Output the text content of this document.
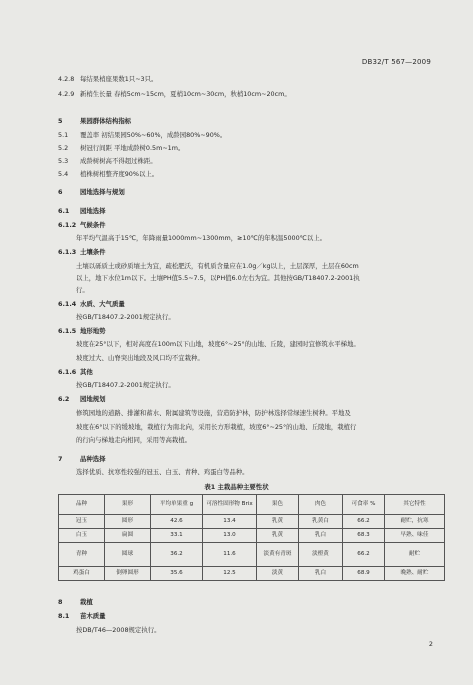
DB32/T 567—2009
4.2.8 每结果梢座果数1只~3只。
4.2.9 新梢生长量 春梢5cm~15cm，夏梢10cm~30cm，秋梢10cm~20cm。
5	果园群体结构指标
5.1 覆盖率 初结果园50%~60%，成龄园80%~90%。
5.2 树冠行间距 平地成龄树0.5m~1m。
5.3 成龄树树高不得超过株距。
5.4 植株树相整齐度90%以上。
6	园地选择与规划
6.1 园地选择
6.1.2 气候条件
年平均气温高于15℃，年降雨量1000mm~1300mm，≥10℃的年积温5000℃以上。
6.1.3 土壤条件
土壤以砾质土或砂质壤土为宜，疏松肥沃，有机质含量应在1.0g／kg以上，土层深厚，土层在60cm
以上，地下水位1m以下。土壤PH值5.5~7.5，以PH值6.0左右为宜。其他按GB/T18407.2-2001执
行。
6.1.4 水质、大气质量
按GB/T18407.2-2001规定执行。
6.1.5 地形地势
坡度在25°以下，相对高度在100m以下山地，坡度6°~25°的山地、丘陵，建园时宜修筑水平梯地。
坡度过大、山脊突出地段及风口均不宜栽种。
6.1.6 其他
按GB/T18407.2-2001规定执行。
6.2 园地规划
修筑园地的道路、排灌和蓄水、附属建筑等设施，营造防护林，防护林选择常绿速生树种。平地及
坡度在6°以下的缓坡地，栽植行为南北向，采用长方形栽植，坡度6°~25°的山地、丘陵地，栽植行
的行向与梯地走向相同，采用等高栽植。
7	品种选择
选择优质、抗寒性较强的冠玉、白玉、青种、鸡蛋白等品种。
表1 主栽品种主要性状
品种	果形	平均单果重 g	可溶性固形物 Brix	果色	肉色	可食率 %	其它特性
冠玉	圆形	42.6	13.4	乳黄	乳黄白	66.2	耐贮，抗寒
白玉	扁圆	33.1	13.0	乳黄	乳白	68.3	早熟、味佳
青种	圆球	36.2	11.6	淡黄有青斑	淡橙黄	66.2	耐贮
鸡蛋白	倒卵圆形	35.6	12.5	淡黄	乳白	68.9	晚熟、耐贮
8	栽植
8.1 苗木质量
按DB/T46—2008规定执行。
2
